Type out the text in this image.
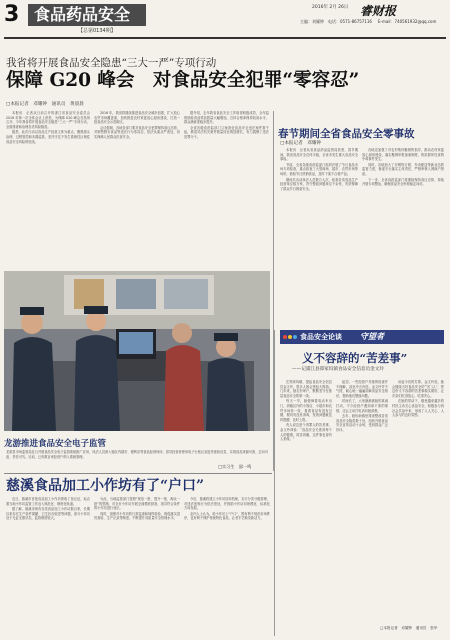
3 食品药品安全
【总第0134期】
2016年 2月 26日 睿财报
主编：刘耀钟 电话：0571-86757116 E-mail：740561932@qq.com
我省将开展食品安全隐患“三大一严”专项行动
保障 G20 峰会　对食品安全犯罪“零容忍”
□本报记者　邓耀钟　通讯员　黄晨晨

本报讯　记者从日前召开的浙江省食品安全委员会 2016 年第一次全体会议上获悉，为保障 G20 峰会在杭州召开，今年我省将开展食品安全隐患“三大一严”专项行动，全面排查和治理各类风险隐患。

据悉，此次行动以食品生产经营主体为重点，聚焦源头治理、过程管控和末端监管，坚决守住不发生系统性区域性食品安全风险的底线。

2016 年，我省将继续推进食品安全城市创建，扩大放心农贸市场覆盖面，加快推进农村家宴放心厨房建设，打造一批食品安全示范街区。

会议强调，各地各部门要对食品安全犯罪保持高压态势，对制售假劣食品等违法行为零容忍，依法从重从严查处，切实保障人民群众饮食安全。

据介绍，去年我省食品安全工作取得积极成效，全年监督抽检食品样品数量大幅增加，总体合格率保持较高水平，群众满意度稳步提升。

全省各级食药监部门立案查处食品安全违法案件数千起，移送司法机关案件数量同比明显增长，有力震慑了违法犯罪分子。	春节期间全省食品安全零事故
□本报记者　邓耀钟

本报讯　记者从省食品药品监管局获悉，春节期间，我省食品安全总体平稳，全省未发生重大食品安全事故。

节前，全省各级食药监部门组织开展了节日食品市场专项检查，重点检查了大型商场、超市、农贸市场等场所，抽检节日热销食品，及时下架不合格产品。

期间共出动执法人员数万人次，检查各类食品生产经营单位数万家，责令整改问题单位千余家，有效保障了群众节日餐桌安全。

各地还加强了对农村集体聚餐的指导，推动农村家宴放心厨房建设，落实聚餐申报备案制度，防范群体性食物中毒事件发生。

同时，各地加大了对网络订餐、外卖配送等新业态的监管力度，督促平台落实主体责任，严格审核入网商户资质。

下一步，全省食药监部门将继续保持高压态势，持续开展专项整治，确保食品安全形势稳定向好。

龙游推进食品安全电子监管
龙游县市场监管局近日开展食品安全电子监管系统推广应用，执法人员深入辖区内超市、便利店等食品经营场所，指导经营者使用电子台账记录进货查验信息，实现食品来源可查、去向可追、责任可究。目前，已有数百家经营户纳入系统管理。
□实习生　邵一鸣
慈溪食品加工小作坊有了“户口”

近日，慈溪市首批食品加工小作坊领取了登记证，标志着当地小作坊监管工作迈入规范化、制度化轨道。

据了解，慈溪市现有各类食品加工小作坊数百家，长期以来存在生产条件简陋、卫生状况较差等问题，部分小作坊处于无证无照状态，监管难度较大。

为此，当地监管部门按照“规范一批、提升一批、淘汰一批”的思路，对全市小作坊开展全面摸底排查，指导符合条件的小作坊进行登记。

同时，加强对小作坊的日常巡查和抽样检验，督促落实进货查验、生产记录等制度，不断提升其质量安全管理水平。

今后，慈溪将建立小作坊信用档案，实行分类分级管理，对违法违规行为依法查处，并鼓励小作坊向规模化、标准化方向发展。

业内人士认为，给小作坊上“户口”，既有利于规范市场秩序，也有利于保护传统特色食品，让老手艺焕发新活力。

食品安全论谈 守望者
义不容辞的“苦差事”
——记浦江县郑家坞镇食品安全信息员金文玲

在郑家坞镇，提起食品安全信息员金文玲，很多人都会竖起大拇指。几年来，她走村串户，默默坚守在基层食品安全的第一线。

每天一早，她便骑着电动车出门，到辖区内的小饭店、小超市和农贸市场转一转，看看食品有没有过期，餐具有没有消毒，发现问题就及时提醒、及时上报。

有人说这是个得罪人的苦差事，金文玲却说：“食品安全关系到每个人的健康，再苦再累，这件事也得有人来做。”

起初，一些经营户对她的检查并不理解，甚至冷言冷语。金文玲并不气馁，耐心地一遍遍讲解食品安全知识，帮助他们整改问题。

时间长了，大家渐渐被她的真诚打动，不少经营户遇到拿不准的事情，还会主动打电话向她请教。

去年，她协助镇里排查整改各类食品安全隐患数十处，组织开展食品安全宣传活动十余场，受到群众广泛好评。

谈起今后的打算，金文玲说，她会继续当好食品安全的“守门人”，把这份义不容辞的苦差事做实做好，让乡亲们吃得放心、吃得安心。

在她的带动下，镇里越来越多的村民主动关心食品安全，积极参与到社会共治中来，形成了人人关心、人人参与的良好氛围。

□本报记者　邓耀钟　通讯员　张华
